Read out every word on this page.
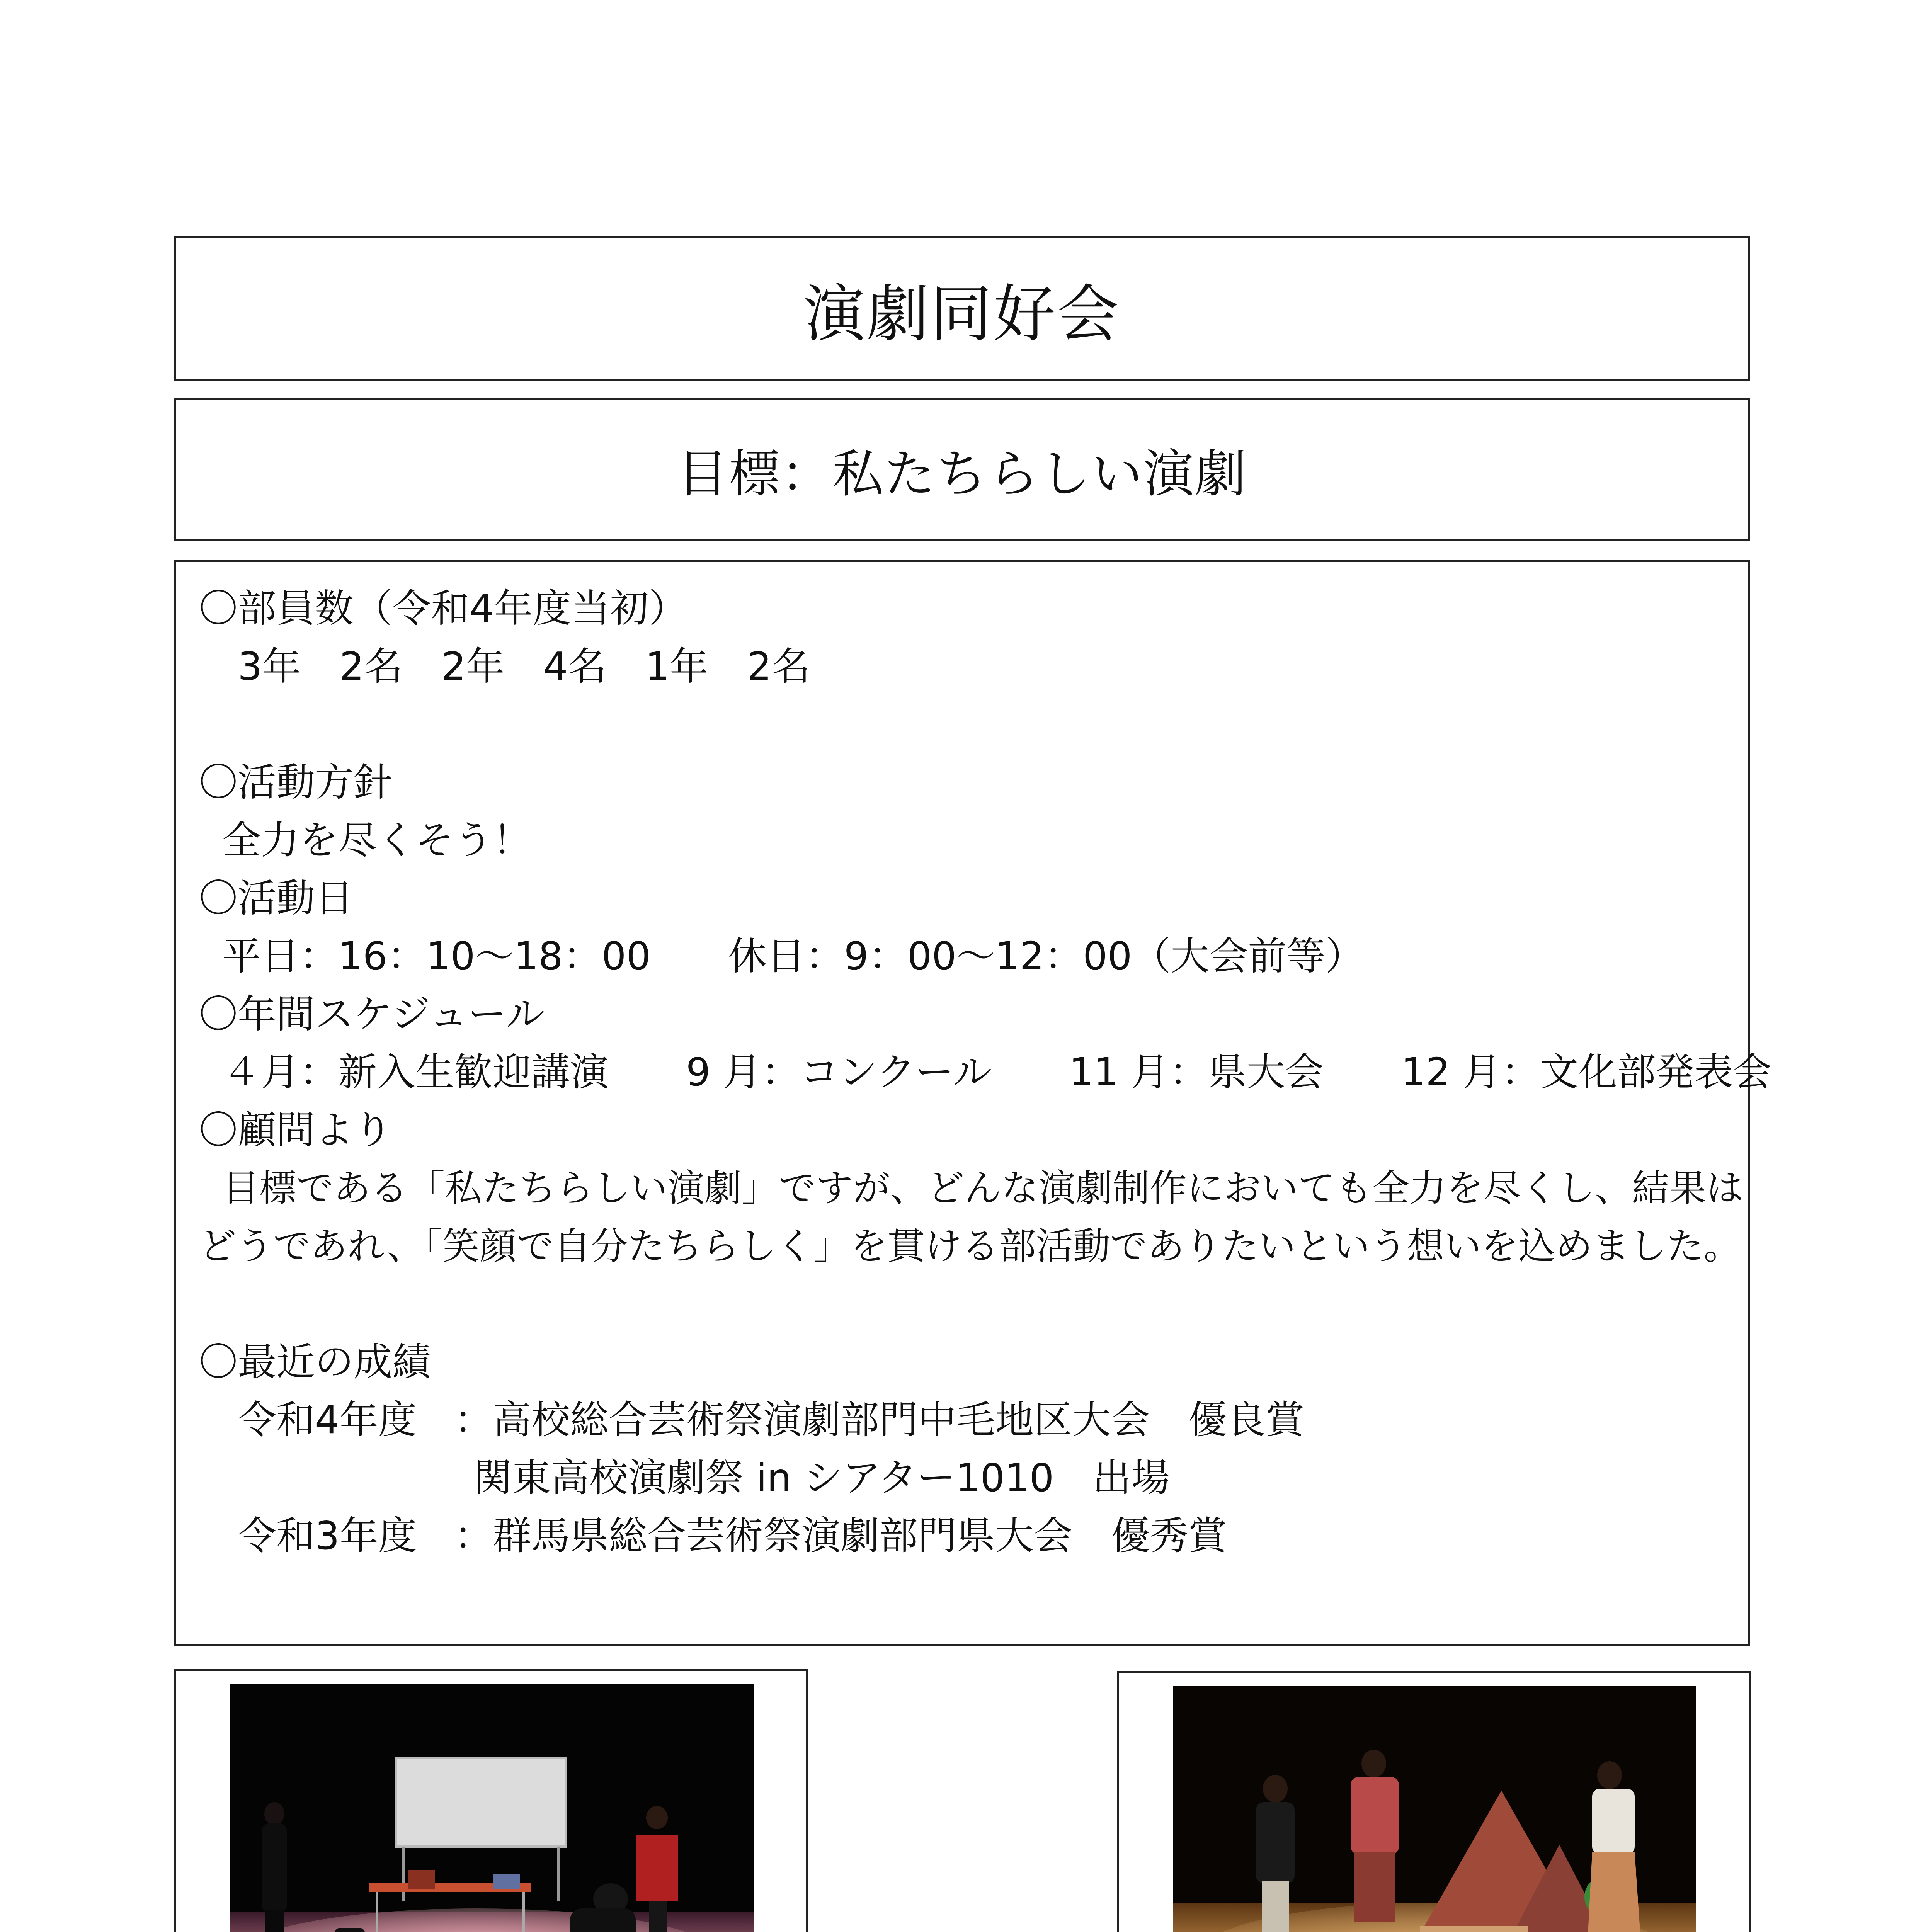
演劇同好会
目標：私たちらしい演劇
〇部員数（令和4年度当初）
3年　2名　2年　4名　1年　2名
〇活動方針
全力を尽くそう！
〇活動日
平日：16：10～18：00　　休日：9：00～12：00（大会前等）
〇年間スケジュール
４月：新入生歓迎講演　　9 月：コンクール　　11 月：県大会　　12 月：文化部発表会
〇顧問より
目標である「私たちらしい演劇」ですが、どんな演劇制作においても全力を尽くし、結果は
どうであれ、「笑顔で自分たちらしく」を貫ける部活動でありたいという想いを込めました。
〇最近の成績
令和4年度 ：高校総合芸術祭演劇部門中毛地区大会　優良賞
関東高校演劇祭 in シアター1010　出場
令和3年度 ：群馬県総合芸術祭演劇部門県大会　優秀賞
